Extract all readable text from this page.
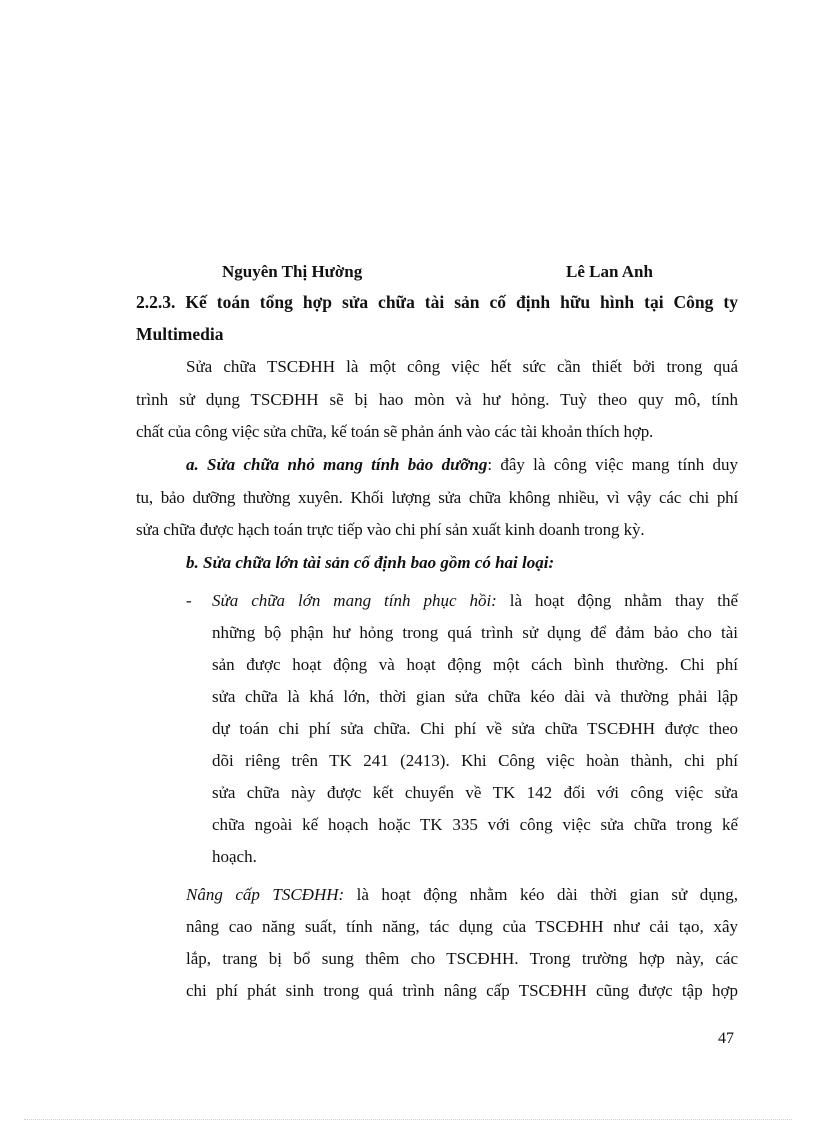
Nguyên Thị Hường	Lê Lan Anh
2.2.3. Kế toán tổng hợp sửa chữa tài sản cố định hữu hình tại Công ty
Multimedia
Sửa chữa TSCĐHH là một công việc hết sức cần thiết bởi trong quá
trình sử dụng TSCĐHH sẽ bị hao mòn và hư hỏng. Tuỳ theo quy mô, tính
chất của công việc sửa chữa, kế toán sẽ phản ánh vào các tài khoản thích hợp.
a. Sửa chữa nhỏ mang tính bảo dưỡng: đây là công việc mang tính duy
tu, bảo dưỡng thường xuyên. Khối lượng sửa chữa không nhiều, vì vậy các chi phí
sửa chữa được hạch toán trực tiếp vào chi phí sản xuất kinh doanh trong kỳ.
b. Sửa chữa lớn tài sản cố định bao gồm có hai loại:
- Sửa chữa lớn mang tính phục hồi: là hoạt động nhằm thay thế
những bộ phận hư hỏng trong quá trình sử dụng để đảm bảo cho tài
sản được hoạt động và hoạt động một cách bình thường. Chi phí
sửa chữa là khá lớn, thời gian sửa chữa kéo dài và thường phải lập
dự toán chi phí sửa chữa. Chi phí về sửa chữa TSCĐHH được theo
dõi riêng trên TK 241 (2413). Khi Công việc hoàn thành, chi phí
sửa chữa này được kết chuyển về TK 142 đối với công việc sửa
chữa ngoài kế hoạch hoặc TK 335 với công việc sửa chữa trong kế
hoạch.
Nâng cấp TSCĐHH: là hoạt động nhằm kéo dài thời gian sử dụng,
nâng cao năng suất, tính năng, tác dụng của TSCĐHH như cải tạo, xây
lắp, trang bị bổ sung thêm cho TSCĐHH. Trong trường hợp này, các
chi phí phát sinh trong quá trình nâng cấp TSCĐHH cũng được tập hợp
47
